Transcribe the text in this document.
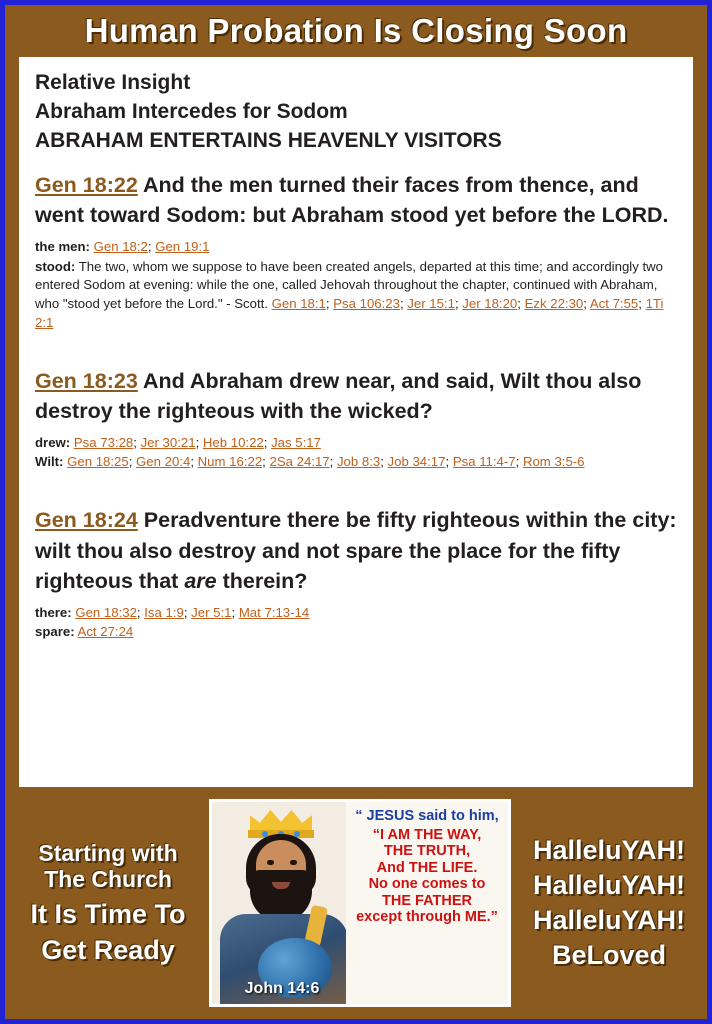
Human Probation Is Closing Soon
Relative Insight
Abraham Intercedes for Sodom
ABRAHAM ENTERTAINS HEAVENLY VISITORS
Gen 18:22 And the men turned their faces from thence, and went toward Sodom: but Abraham stood yet before the LORD.
the men: Gen 18:2; Gen 19:1
stood: The two, whom we suppose to have been created angels, departed at this time; and accordingly two entered Sodom at evening: while the one, called Jehovah throughout the chapter, continued with Abraham, who "stood yet before the Lord." - Scott. Gen 18:1; Psa 106:23; Jer 15:1; Jer 18:20; Ezk 22:30; Act 7:55; 1Ti 2:1
Gen 18:23 And Abraham drew near, and said, Wilt thou also destroy the righteous with the wicked?
drew: Psa 73:28; Jer 30:21; Heb 10:22; Jas 5:17
Wilt: Gen 18:25; Gen 20:4; Num 16:22; 2Sa 24:17; Job 8:3; Job 34:17; Psa 11:4-7; Rom 3:5-6
Gen 18:24 Peradventure there be fifty righteous within the city: wilt thou also destroy and not spare the place for the fifty righteous that are therein?
there: Gen 18:32; Isa 1:9; Jer 5:1; Mat 7:13-14
spare: Act 27:24
Starting with
The Church
It Is Time To
Get Ready
John 14:6
“ JESUS said to him,
“I AM THE WAY,
THE TRUTH,
And THE LIFE.
No one comes to
THE FATHER
except through ME.”
HalleluYAH!
HalleluYAH!
HalleluYAH!
BeLoved
